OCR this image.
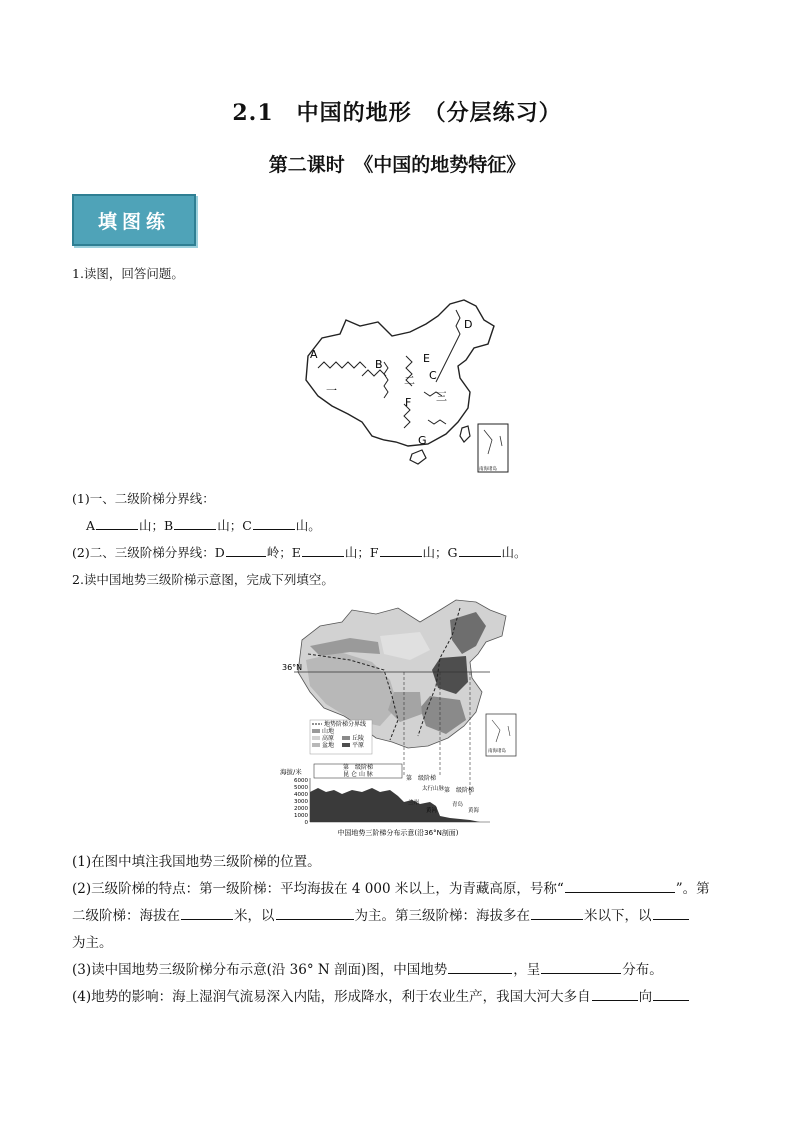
2.1　中国的地形　（分层练习）
第二课时　《中国的地势特征》
填图练
1.读图，回答问题。
A
B
C
D
E
F
G
一
二
三
南海诸岛
(1)一、二级阶梯分界线：
A	山；B	山；C	山。
(2)二、三级阶梯分界线：D	岭；E	山；F	山；G	山。
2.读中国地势三级阶梯示意图，完成下列填空。
36°N
地势阶梯分界线
山地
高原	丘陵
盆地	平原
南海诸岛
海拔/米
6000
5000
4000
3000
2000
1000
0
第　级阶梯
昆 仑 山 脉
第　级阶梯
太行山脉
兰州
第　级阶梯
黄河
青岛
黄海
中国地势三阶梯分布示意(沿36°N剖面)
(1)在图中填注我国地势三级阶梯的位置。
(2)三级阶梯的特点：第一级阶梯：平均海拔在 4 000 米以上，为青藏高原，号称“	”。第
二级阶梯：海拔在	米，以	为主。第三级阶梯：海拔多在	米以下，以
为主。
(3)读中国地势三级阶梯分布示意(沿 36° N 剖面)图，中国地势	，呈	分布。
(4)地势的影响：海上湿润气流易深入内陆，形成降水，利于农业生产，我国大河大多自	向
